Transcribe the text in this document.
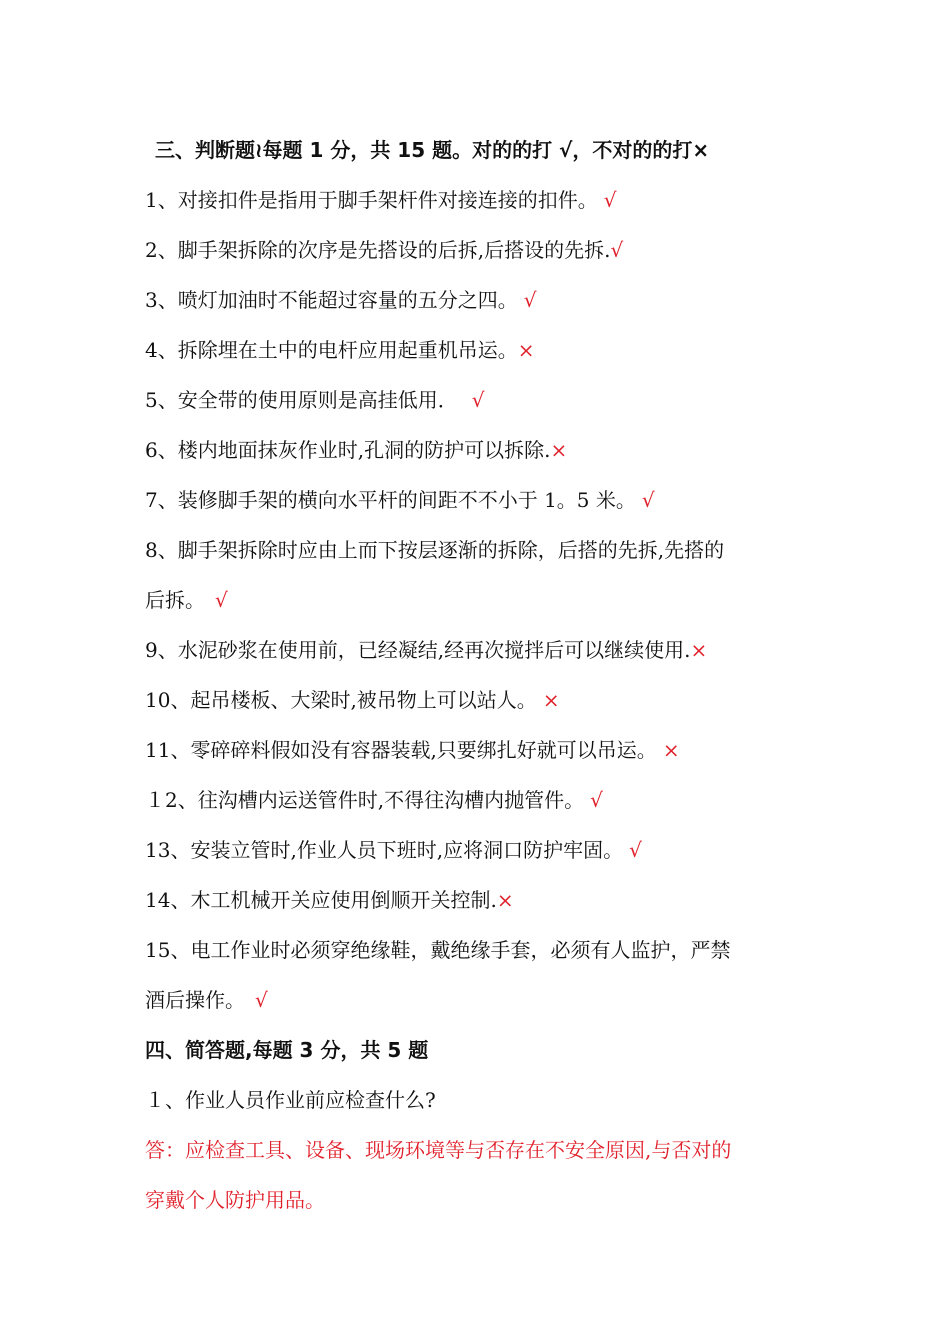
三、判断题≀每题 1 分，共 15 题。对的的打 √，不对的的打×
1、对接扣件是指用于脚手架杆件对接连接的扣件。 √
2、脚手架拆除的次序是先搭设的后拆,后搭设的先拆.√
3、喷灯加油时不能超过容量的五分之四。 √
4、拆除埋在土中的电杆应用起重机吊运。×
5、安全带的使用原则是高挂低用． √
6、楼内地面抹灰作业时,孔洞的防护可以拆除.×
7、装修脚手架的横向水平杆的间距不不小于 1。5 米。 √
8、脚手架拆除时应由上而下按层逐渐的拆除，后搭的先拆,先搭的
后拆。 √
9、水泥砂浆在使用前，已经凝结,经再次搅拌后可以继续使用.×
10、起吊楼板、大梁时,被吊物上可以站人。 ×
11、零碎碎料假如没有容器装载,只要绑扎好就可以吊运。 ×
１2、往沟槽内运送管件时,不得往沟槽内抛管件。 √
13、安装立管时,作业人员下班时,应将洞口防护牢固。 √
14、木工机械开关应使用倒顺开关控制.×
15、电工作业时必须穿绝缘鞋，戴绝缘手套，必须有人监护，严禁
酒后操作。 √
四、简答题,每题 3 分，共 5 题
１、作业人员作业前应检查什么?
答：应检查工具、设备、现场环境等与否存在不安全原因,与否对的
穿戴个人防护用品。
